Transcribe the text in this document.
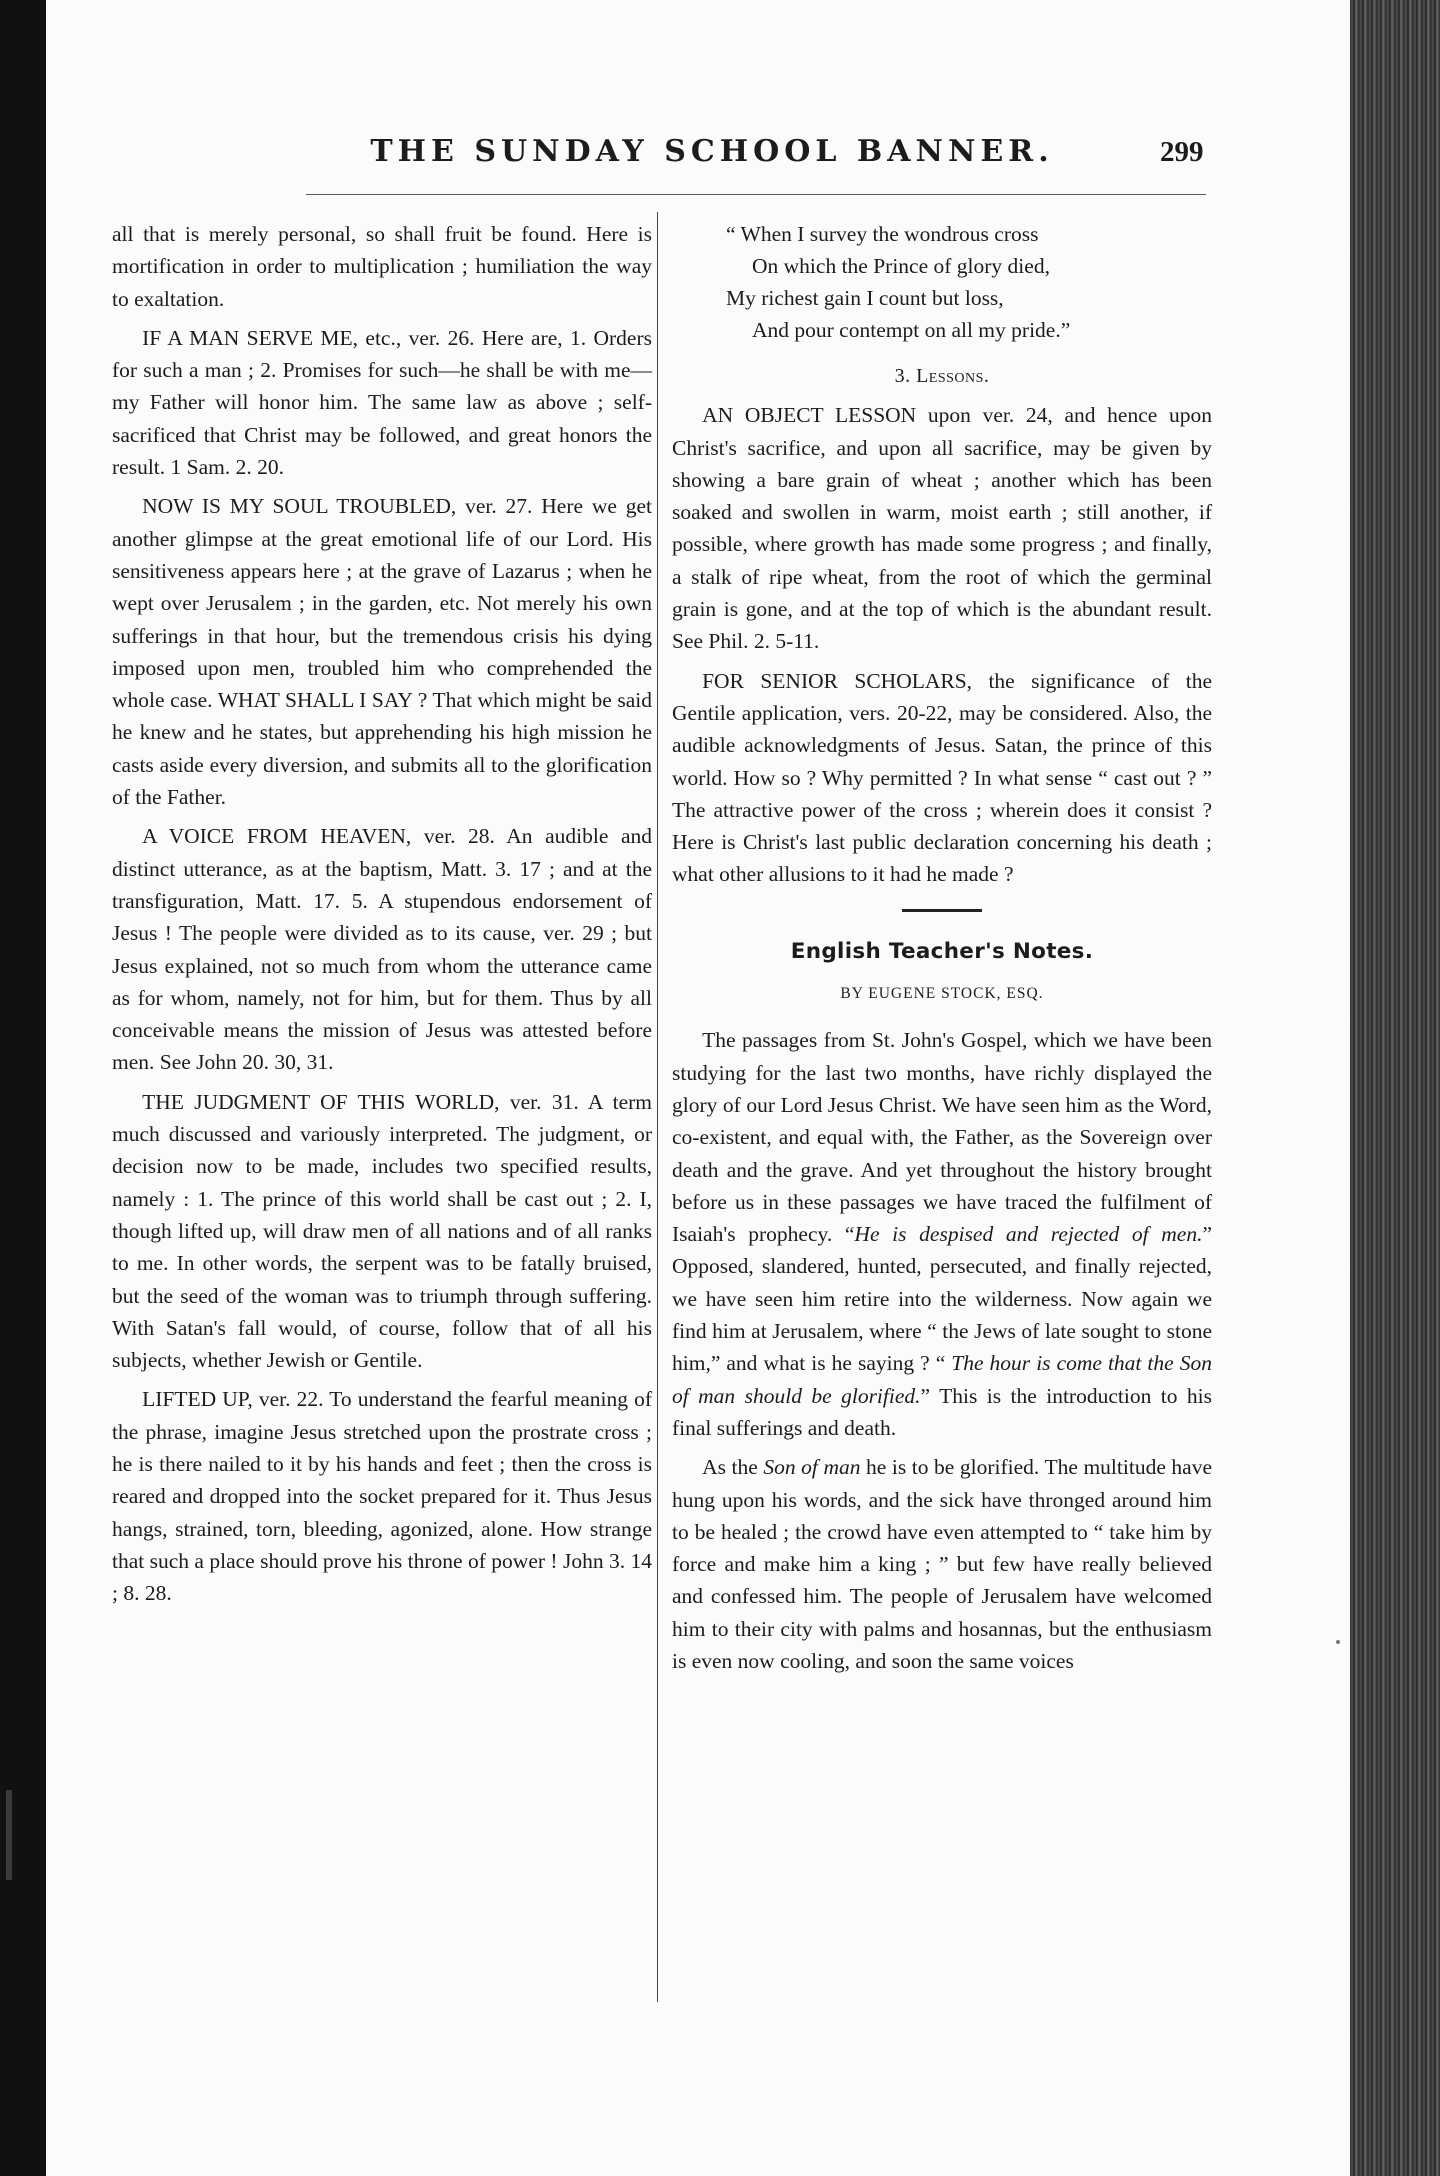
THE SUNDAY SCHOOL BANNER.	299

all that is merely personal, so shall fruit be found. Here is mortification in order to multiplication ; humiliation the way to exaltation.

IF A MAN SERVE ME, etc., ver. 26. Here are, 1. Orders for such a man ; 2. Promises for such—he shall be with me—my Father will honor him. The same law as above ; self-sacrificed that Christ may be followed, and great honors the result. 1 Sam. 2. 20.

NOW IS MY SOUL TROUBLED, ver. 27. Here we get another glimpse at the great emotional life of our Lord. His sensitiveness appears here ; at the grave of Lazarus ; when he wept over Jerusalem ; in the garden, etc. Not merely his own sufferings in that hour, but the tremendous crisis his dying imposed upon men, troubled him who comprehended the whole case. WHAT SHALL I SAY ? That which might be said he knew and he states, but apprehending his high mission he casts aside every diversion, and submits all to the glorification of the Father.

A VOICE FROM HEAVEN, ver. 28. An audible and distinct utterance, as at the baptism, Matt. 3. 17 ; and at the transfiguration, Matt. 17. 5. A stupendous endorsement of Jesus ! The people were divided as to its cause, ver. 29 ; but Jesus explained, not so much from whom the utterance came as for whom, namely, not for him, but for them. Thus by all conceivable means the mission of Jesus was attested before men. See John 20. 30, 31.

THE JUDGMENT OF THIS WORLD, ver. 31. A term much discussed and variously interpreted. The judgment, or decision now to be made, includes two specified results, namely : 1. The prince of this world shall be cast out ; 2. I, though lifted up, will draw men of all nations and of all ranks to me. In other words, the serpent was to be fatally bruised, but the seed of the woman was to triumph through suffering. With Satan's fall would, of course, follow that of all his subjects, whether Jewish or Gentile.

LIFTED UP, ver. 22. To understand the fearful meaning of the phrase, imagine Jesus stretched upon the prostrate cross ; he is there nailed to it by his hands and feet ; then the cross is reared and dropped into the socket prepared for it. Thus Jesus hangs, strained, torn, bleeding, agonized, alone. How strange that such a place should prove his throne of power ! John 3. 14 ; 8. 28.

“ When I survey the wondrous cross
On which the Prince of glory died,
My richest gain I count but loss,
And pour contempt on all my pride.”

3. Lessons.

AN OBJECT LESSON upon ver. 24, and hence upon Christ's sacrifice, and upon all sacrifice, may be given by showing a bare grain of wheat ; another which has been soaked and swollen in warm, moist earth ; still another, if possible, where growth has made some progress ; and finally, a stalk of ripe wheat, from the root of which the germinal grain is gone, and at the top of which is the abundant result. See Phil. 2. 5-11.

FOR SENIOR SCHOLARS, the significance of the Gentile application, vers. 20-22, may be considered. Also, the audible acknowledgments of Jesus. Satan, the prince of this world. How so ? Why permitted ? In what sense “ cast out ? ” The attractive power of the cross ; wherein does it consist ? Here is Christ's last public declaration concerning his death ; what other allusions to it had he made ?

English Teacher's Notes.
BY EUGENE STOCK, ESQ.

The passages from St. John's Gospel, which we have been studying for the last two months, have richly displayed the glory of our Lord Jesus Christ. We have seen him as the Word, co-existent, and equal with, the Father, as the Sovereign over death and the grave. And yet throughout the history brought before us in these passages we have traced the fulfilment of Isaiah's prophecy. “He is despised and rejected of men.” Opposed, slandered, hunted, persecuted, and finally rejected, we have seen him retire into the wilderness. Now again we find him at Jerusalem, where “ the Jews of late sought to stone him,” and what is he saying ? “ The hour is come that the Son of man should be glorified.” This is the introduction to his final sufferings and death.

As the Son of man he is to be glorified. The multitude have hung upon his words, and the sick have thronged around him to be healed ; the crowd have even attempted to “ take him by force and make him a king ; ” but few have really believed and confessed him. The people of Jerusalem have welcomed him to their city with palms and hosannas, but the enthusiasm is even now cooling, and soon the same voices
